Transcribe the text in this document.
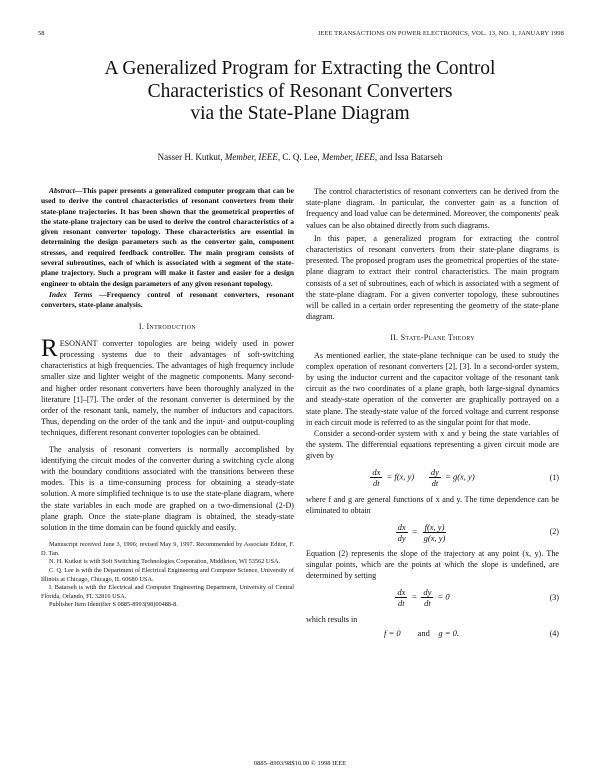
58	IEEE TRANSACTIONS ON POWER ELECTRONICS, VOL. 13, NO. 1, JANUARY 1998
A Generalized Program for Extracting the Control
Characteristics of Resonant Converters
via the State-Plane Diagram
Nasser H. Kutkut, Member, IEEE, C. Q. Lee, Member, IEEE, and Issa Batarseh

Abstract—This paper presents a generalized computer program that can be used to derive the control characteristics of resonant converters from their state-plane trajectories. It has been shown that the geometrical properties of the state-plane trajectory can be used to derive the control characteristics of a given resonant converter topology. These characteristics are essential in determining the design parameters such as the converter gain, component stresses, and required feedback controller. The main program consists of several subroutines, each of which is associated with a segment of the state-plane trajectory. Such a program will make it faster and easier for a design engineer to obtain the design parameters of any given resonant topology.

Index Terms —Frequency control of resonant converters, resonant converters, state-plane analysis.

I. Introduction

RESONANT converter topologies are being widely used in power processing systems due to their advantages of soft-switching characteristics at high frequencies. The advantages of high frequency include smaller size and lighter weight of the magnetic components. Many second- and higher order resonant converters have been thoroughly analyzed in the literature [1]–[7]. The order of the resonant converter is determined by the order of the resonant tank, namely, the number of inductors and capacitors. Thus, depending on the order of the tank and the input- and output-coupling techniques, different resonant converter topologies can be obtained.

The analysis of resonant converters is normally accomplished by identifying the circuit modes of the converter during a switching cycle along with the boundary conditions associated with the transitions between these modes. This is a time-consuming process for obtaining a steady-state solution. A more simplified technique is to use the state-plane diagram, where the state variables in each mode are graphed on a two-dimensional (2-D) plane graph. Once the state-plane diagram is obtained, the steady-state solution in the time domain can be found quickly and easily.

Manuscript received June 3, 1996; revised May 9, 1997. Recommended by Associate Editor, F. D. Tan.

N. H. Kutkut is with Soft Switching Technologies Corporation, Middleton, WI 53562 USA.

C. Q. Lee is with the Department of Electrical Engineering and Computer Science, University of Illinois at Chicago, Chicago, IL 60680 USA.

I. Batarseh is with the Electrical and Computer Engineering Department, University of Central Florida, Orlando, FL 32816 USA.

Publisher Item Identifier S 0885-8993(98)00488-8.

The control characteristics of resonant converters can be derived from the state-plane diagram. In particular, the converter gain as a function of frequency and load value can be determined. Moreover, the components' peak values can be also obtained directly from such diagrams.

In this paper, a generalized program for extracting the control characteristics of resonant converters from their state-plane diagrams is presented. The proposed program uses the geometrical properties of the state-plane diagram to extract their control characteristics. The main program consists of a set of subroutines, each of which is associated with a segment of the state-plane diagram. For a given converter topology, these subroutines will be called in a certain order representing the geometry of the state-plane diagram.

II. State-Plane Theory

As mentioned earlier, the state-plane technique can be used to study the complex operation of resonant converters [2], [3]. In a second-order system, by using the inductor current and the capacitor voltage of the resonant tank circuit as the two coordinates of a plane graph, both large-signal dynamics and steady-state operation of the converter are graphically portrayed on a state plane. The steady-state value of the forced voltage and current response in each circuit mode is referred to as the singular point for that mode.

Consider a second-order system with x and y being the state variables of the system. The differential equations representing a given circuit mode are given by

$\frac{dx}{dt} = f(x$, $y) \frac{dy}{dt} = g(x$, y)	(1)

where f and g are general functions of x and y. The time dependence can be eliminated to obtain

$\frac{dx}{dy} = \frac{f(x, y)}{g(x, y)}$	(2)

Equation (2) represents the slope of the trajectory at any point (x, y). The singular points, which are the points at which the slope is undefined, are determined by setting

$\frac{dx}{dt} = \frac{dy}{dt} = 0$	(3)

which results in

f = 0 and g = 0.	(4)
0885–8993/98$10.00 © 1998 IEEE
